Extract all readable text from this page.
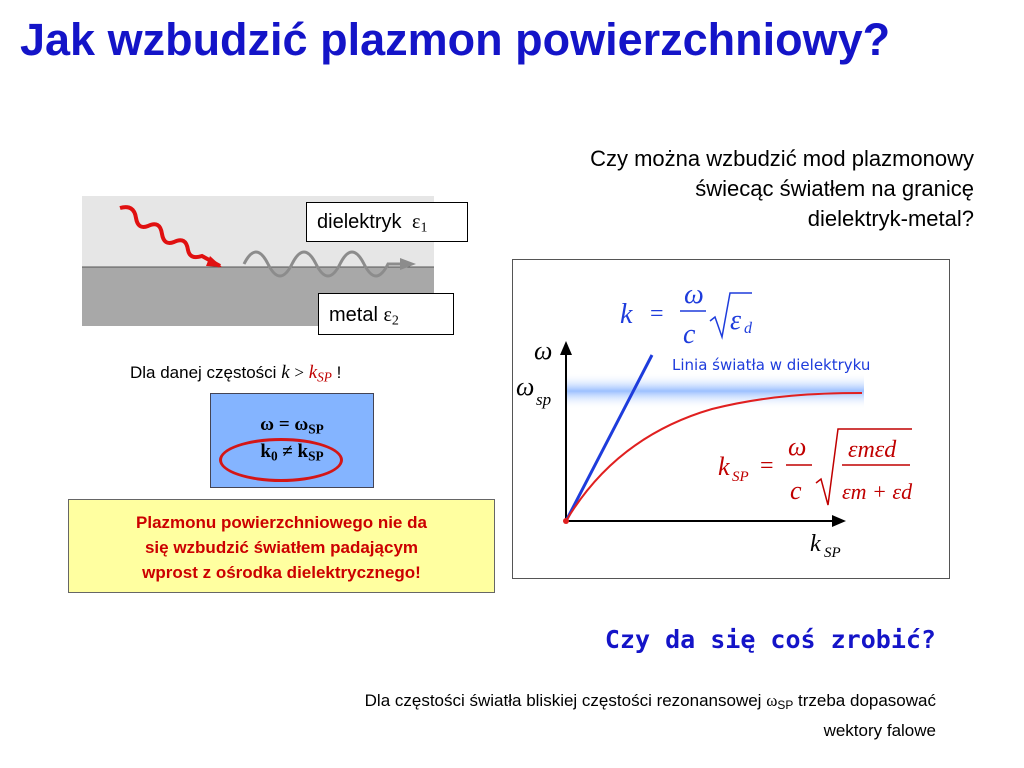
Jak wzbudzić plazmon powierzchniowy?
Czy można wzbudzić mod plazmonowy świecąc światłem na granicę
dielektryk-metal?
dielektryk $\varepsilon_1$
metal $\varepsilon_2$
Dla danej częstości $k > k_{SP}$ !
$\omega = \omega_{SP}$
$k_0 \ne k_{SP}$
Plazmonu powierzchniowego nie da
się wzbudzić światłem padającym
wprost z ośrodka dielektrycznego!
k =
ω
c ε d
Linia światła w dielektryku
ω
ω sp
k SP =
ω
c
εmεd
εm + εd
k SP
Czy da się coś zrobić?
Dla częstości światła bliskiej częstości rezonansowej $\omega_{SP}$ trzeba dopasować
wektory falowe
